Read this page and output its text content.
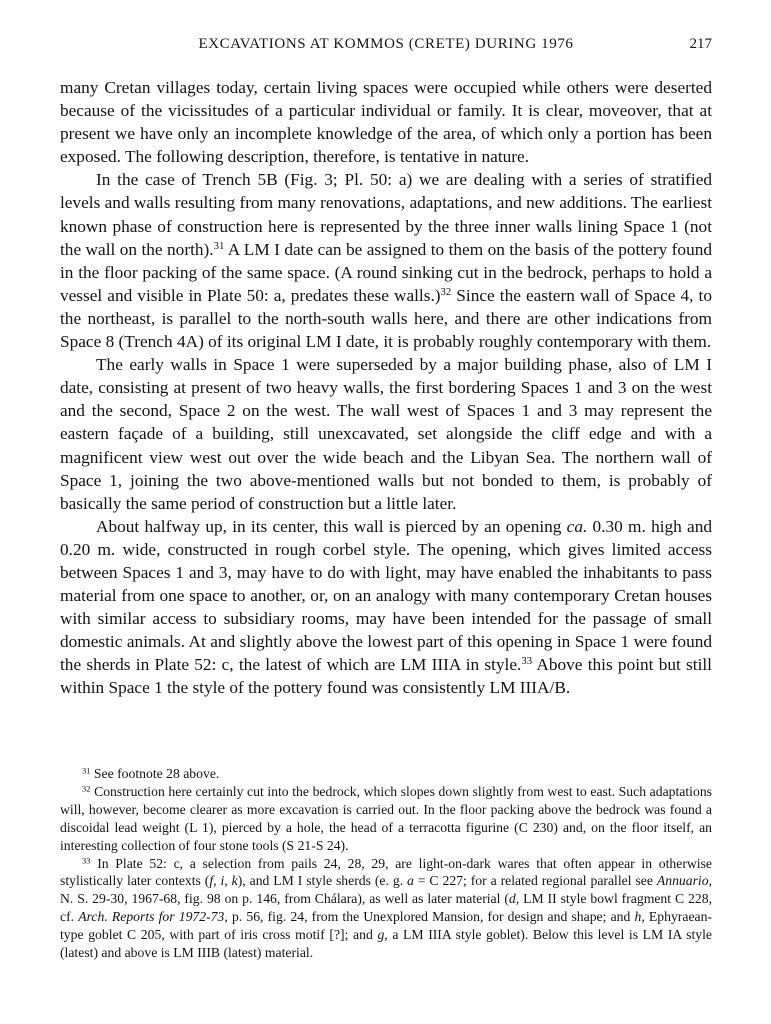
EXCAVATIONS AT KOMMOS (CRETE) DURING 1976	217

many Cretan villages today, certain living spaces were occupied while others were deserted because of the vicissitudes of a particular individual or family. It is clear, moveover, that at present we have only an incomplete knowledge of the area, of which only a portion has been exposed. The following description, therefore, is tentative in nature.

In the case of Trench 5B (Fig. 3; Pl. 50: a) we are dealing with a series of stratified levels and walls resulting from many renovations, adaptations, and new additions. The earliest known phase of construction here is represented by the three inner walls lining Space 1 (not the wall on the north).$^{31}$ A LM I date can be assigned to them on the basis of the pottery found in the floor packing of the same space. (A round sinking cut in the bedrock, perhaps to hold a vessel and visible in Plate 50: a, predates these walls.)$^{32}$ Since the eastern wall of Space 4, to the northeast, is parallel to the north-south walls here, and there are other indications from Space 8 (Trench 4A) of its original LM I date, it is probably roughly contemporary with them.

The early walls in Space 1 were superseded by a major building phase, also of LM I date, consisting at present of two heavy walls, the first bordering Spaces 1 and 3 on the west and the second, Space 2 on the west. The wall west of Spaces 1 and 3 may represent the eastern façade of a building, still unexcavated, set alongside the cliff edge and with a magnificent view west out over the wide beach and the Libyan Sea. The northern wall of Space 1, joining the two above-mentioned walls but not bonded to them, is probably of basically the same period of construction but a little later.

About halfway up, in its center, this wall is pierced by an opening ca. 0.30 m. high and 0.20 m. wide, constructed in rough corbel style. The opening, which gives limited access between Spaces 1 and 3, may have to do with light, may have enabled the inhabitants to pass material from one space to another, or, on an analogy with many contemporary Cretan houses with similar access to subsidiary rooms, may have been intended for the passage of small domestic animals. At and slightly above the lowest part of this opening in Space 1 were found the sherds in Plate 52: c, the latest of which are LM IIIA in style.$^{33}$ Above this point but still within Space 1 the style of the pottery found was consistently LM IIIA/B.

$^{31}$ See footnote 28 above.

$^{32}$ Construction here certainly cut into the bedrock, which slopes down slightly from west to east. Such adaptations will, however, become clearer as more excavation is carried out. In the floor packing above the bedrock was found a discoidal lead weight (L 1), pierced by a hole, the head of a terracotta figurine (C 230) and, on the floor itself, an interesting collection of four stone tools (S 21-S 24).

$^{33}$ In Plate 52: c, a selection from pails 24, 28, 29, are light-on-dark wares that often appear in otherwise stylistically later contexts (f, i, k), and LM I style sherds (e. g. a = C 227; for a related regional parallel see Annuario, N. S. 29-30, 1967-68, fig. 98 on p. 146, from Chálara), as well as later material (d, LM II style bowl fragment C 228, cf. Arch. Reports for 1972-73, p. 56, fig. 24, from the Unexplored Mansion, for design and shape; and h, Ephyraean-type goblet C 205, with part of iris cross motif [?]; and g, a LM IIIA style goblet). Below this level is LM IA style (latest) and above is LM IIIB (latest) material.
